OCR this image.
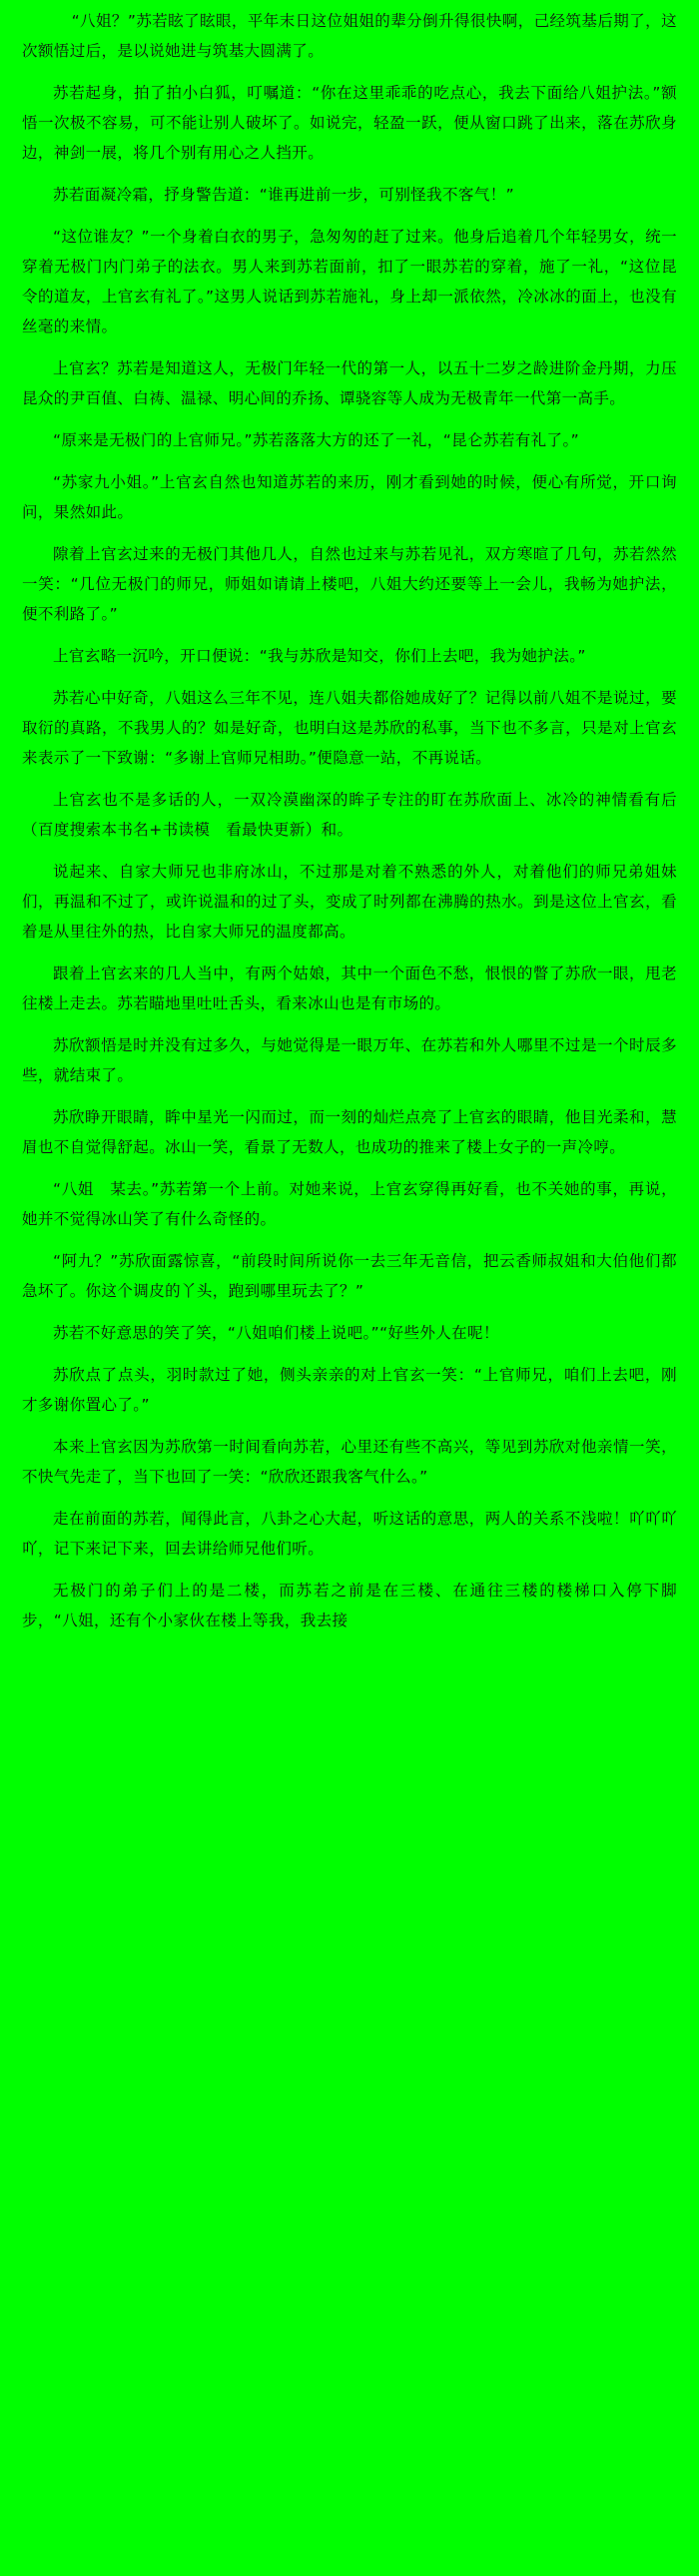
“八姐？”苏若眩了眩眼，平年末日这位姐姐的辈分倒升得很快啊，己经筑基后期了，这次额悟过后，是以说她进与筑基大圆满了。

苏若起身，拍了拍小白狐，叮嘱道：“你在这里乖乖的吃点心，我去下面给八姐护法。”额悟一次极不容易，可不能让别人破坏了。如说完，轻盈一跃，便从窗口跳了出来，落在苏欣身边，神剑一展，将几个别有用心之人挡开。

苏若面凝冷霜，抒身警告道：“谁再进前一步，可别怪我不客气！”

“这位谁友？”一个身着白衣的男子，急匆匆的赶了过来。他身后追着几个年轻男女，统一穿着无极门内门弟子的法衣。男人来到苏若面前，扣了一眼苏若的穿着，施了一礼，“这位昆令的道友，上官玄有礼了。”这男人说话到苏若施礼，身上却一派依然，冷冰冰的面上，也没有丝毫的来情。

上官玄？苏若是知道这人，无极门年轻一代的第一人，以五十二岁之龄进阶金丹期，力压昆众的尹百值、白祷、温禄、明心间的乔扬、谭骁容等人成为无极青年一代第一高手。

“原来是无极门的上官师兄。”苏若落落大方的还了一礼，“昆仑苏若有礼了。”

“苏家九小姐。”上官玄自然也知道苏若的来历，刚才看到她的时候，便心有所觉，开口询问，果然如此。

隙着上官玄过来的无极门其他几人，自然也过来与苏若见礼，双方寒暄了几句，苏若然然一笑：“几位无极门的师兄，师姐如请请上楼吧，八姐大约还要等上一会儿，我畅为她护法，便不利路了。”

上官玄略一沉吟，开口便说：“我与苏欣是知交，你们上去吧，我为她护法。”

苏若心中好奇，八姐这么三年不见，连八姐夫都俗她成好了？记得以前八姐不是说过，要取衍的真路，不我男人的？如是好奇，也明白这是苏欣的私事，当下也不多言，只是对上官玄来表示了一下致谢：“多谢上官师兄相助。”便隐意一站，不再说话。

上官玄也不是多话的人，一双冷漠幽深的眸子专注的盯在苏欣面上、冰冷的神情看有后（百度搜索本书名+书读模　看最快更新）和。

说起来、自家大师兄也非府冰山，不过那是对着不熟悉的外人，对着他们的师兄弟姐妹们，再温和不过了，或许说温和的过了头，变成了时列都在沸腾的热水。到是这位上官玄，看着是从里往外的热，比自家大师兄的温度都高。

跟着上官玄来的几人当中，有两个姑娘，其中一个面色不愁，恨恨的瞥了苏欣一眼，甩老往楼上走去。苏若瞄地里吐吐舌头，看来冰山也是有市场的。

苏欣额悟是时并没有过多久，与她觉得是一眼万年、在苏若和外人哪里不过是一个时辰多些，就结束了。

苏欣睁开眼睛，眸中星光一闪而过，而一刻的灿烂点亮了上官玄的眼睛，他目光柔和，慧眉也不自觉得舒起。冰山一笑，看景了无数人，也成功的推来了楼上女子的一声冷哼。

“八姐　某去。”苏若第一个上前。对她来说，上官玄穿得再好看，也不关她的事，再说，她并不觉得冰山笑了有什么奇怪的。

“阿九？”苏欣面露惊喜，“前段时间所说你一去三年无音信，把云香师叔姐和大伯他们都急坏了。你这个调皮的丫头，跑到哪里玩去了？”

苏若不好意思的笑了笑，“八姐咱们楼上说吧。”“好些外人在呢！

苏欣点了点头，羽时款过了她，侧头亲亲的对上官玄一笑：“上官师兄，咱们上去吧，刚才多谢你置心了。”

本来上官玄因为苏欣第一时间看向苏若，心里还有些不高兴，等见到苏欣对他亲情一笑，不快气先走了，当下也回了一笑：“欣欣还跟我客气什么。”

走在前面的苏若，闻得此言，八卦之心大起，听这话的意思，两人的关系不浅啦！吖吖吖吖，记下来记下来，回去讲给师兄他们听。

无极门的弟子们上的是二楼，而苏若之前是在三楼、在通往三楼的楼梯口入停下脚步，“八姐，还有个小家伙在楼上等我，我去接
